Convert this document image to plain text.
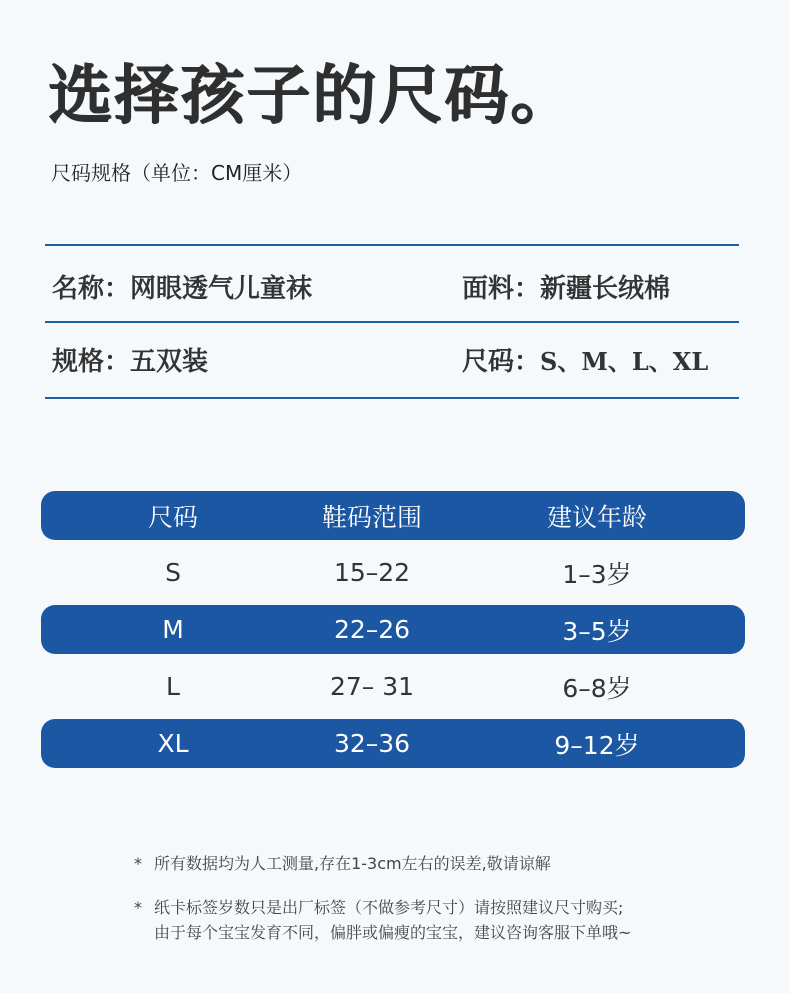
选择孩子的尺码。
尺码规格（单位：CM厘米）
名称：网眼透气儿童袜	面料：新疆长绒棉
规格：五双装	尺码：S、M、L、XL
尺码	鞋码范围	建议年龄
S	15–22	1–3岁
M	22–26	3–5岁
L	27– 31	6–8岁
XL	32–36	9–12岁
* 所有数据均为人工测量,存在1-3cm左右的误差,敬请谅解
* 纸卡标签岁数只是出厂标签（不做参考尺寸）请按照建议尺寸购买;
由于每个宝宝发育不同，偏胖或偏瘦的宝宝，建议咨询客服下单哦~
